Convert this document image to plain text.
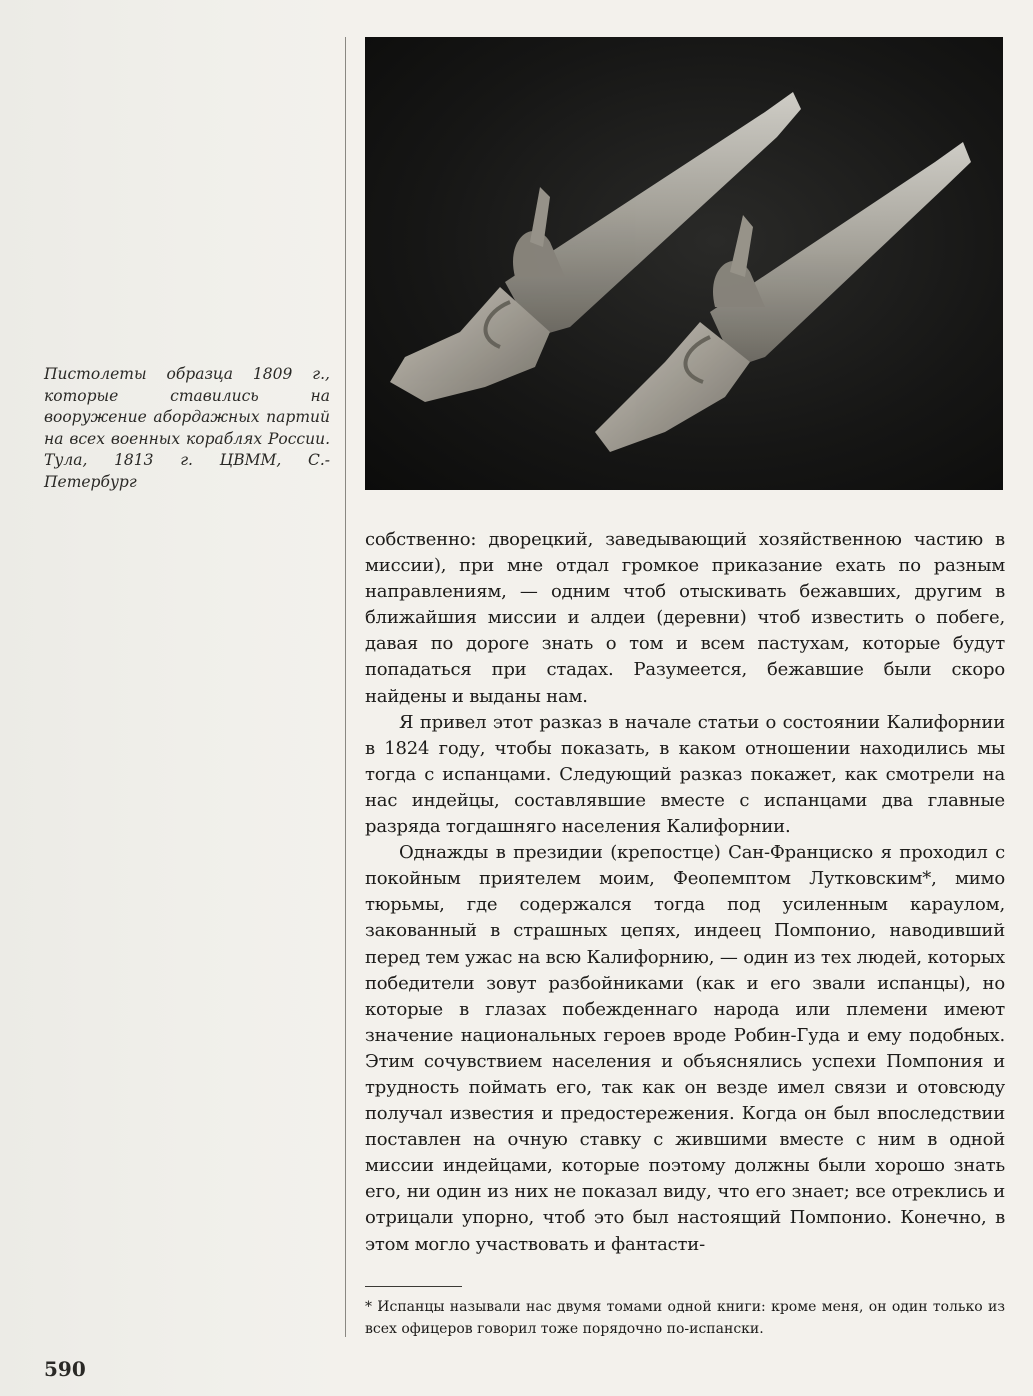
Пистолеты образца 1809 г., которые ставились на вооружение абордажных партий на всех военных кораблях России. Тула, 1813 г. ЦВММ, С.-Петербург

собственно: дворецкий, заведывающий хозяйственною частию в миссии), при мне отдал громкое приказание ехать по разным направлениям, — одним чтоб отыскивать бежавших, другим в ближайшия миссии и алдеи (деревни) чтоб известить о побеге, давая по дороге знать о том и всем пастухам, которые будут попадаться при стадах. Разумеется, бежавшие были скоро найдены и выданы нам.

Я привел этот разказ в начале статьи о состоянии Калифорнии в 1824 году, чтобы показать, в каком отношении находились мы тогда с испанцами. Следующий разказ покажет, как смотрели на нас индейцы, составлявшие вместе с испанцами два главные разряда тогдашняго населения Калифорнии.

Однажды в президии (крепостце) Сан-Франциско я проходил с покойным приятелем моим, Феопемптом Лутковским*, мимо тюрьмы, где содержался тогда под усиленным караулом, закованный в страшных цепях, индеец Помпонио, наводивший перед тем ужас на всю Калифорнию, — один из тех людей, которых победители зовут разбойниками (как и его звали испанцы), но которые в глазах побежденнаго народа или племени имеют значение национальных героев вроде Робин-Гуда и ему подобных. Этим сочувствием населения и объяснялись успехи Помпония и трудность поймать его, так как он везде имел связи и отовсюду получал известия и предостережения. Когда он был впоследствии поставлен на очную ставку с жившими вместе с ним в одной миссии индейцами, которые поэтому должны были хорошо знать его, ни один из них не показал виду, что его знает; все отреклись и отрицали упорно, чтоб это был настоящий Помпонио. Конечно, в этом могло участвовать и фантасти-

* Испанцы называли нас двумя томами одной книги: кроме меня, он один только из всех офицеров говорил тоже порядочно по-испански.

590
